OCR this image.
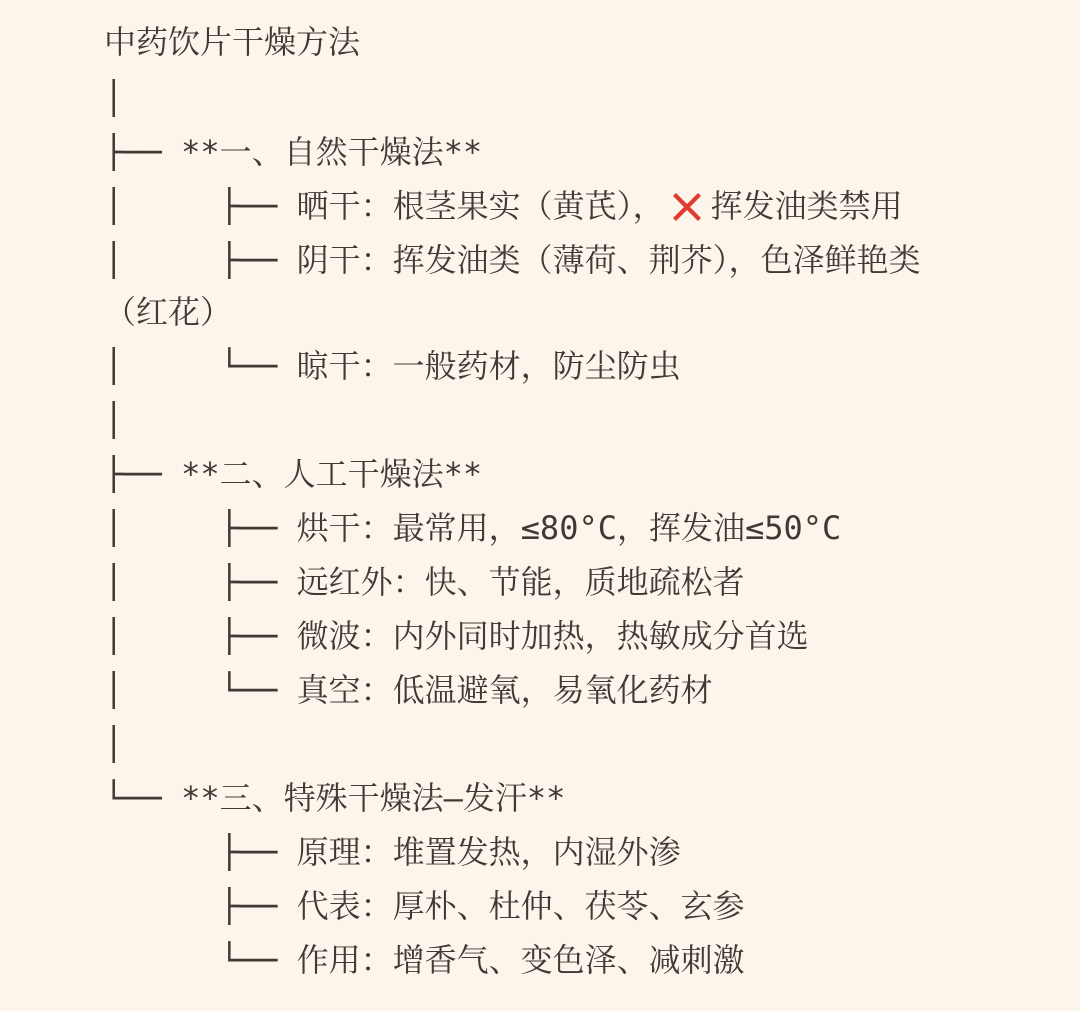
中药饮片干燥方法
│
├── **一、自然干燥法**
│     ├── 晒干：根茎果实（黄芪）， 挥发油类禁用
│     ├── 阴干：挥发油类（薄荷、荆芥），色泽鲜艳类
（红花）
│     └── 晾干：一般药材，防尘防虫
│
├── **二、人工干燥法**
│     ├── 烘干：最常用，≤80°C，挥发油≤50°C
│     ├── 远红外：快、节能，质地疏松者
│     ├── 微波：内外同时加热，热敏成分首选
│     └── 真空：低温避氧，易氧化药材
│
└── **三、特殊干燥法—发汗**
├── 原理：堆置发热，内湿外渗
├── 代表：厚朴、杜仲、茯苓、玄参
└── 作用：增香气、变色泽、减刺激
